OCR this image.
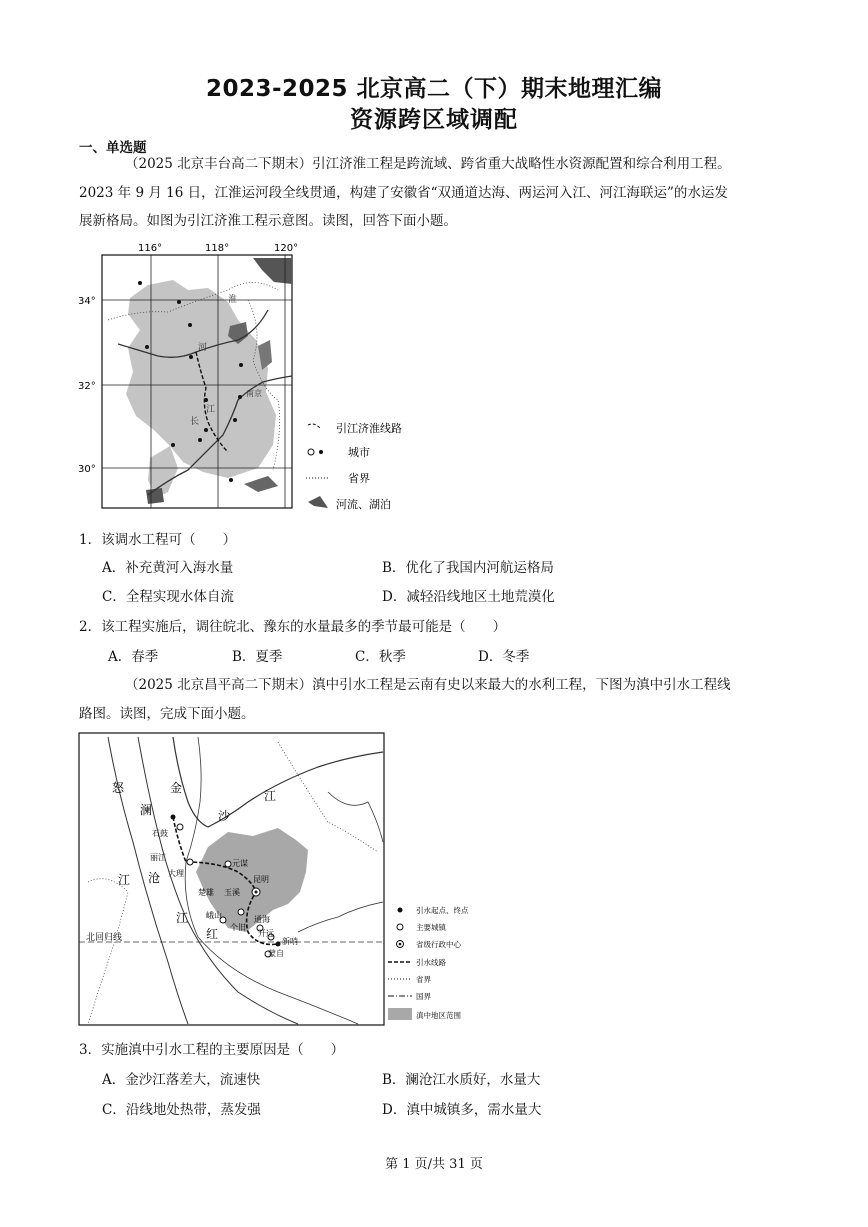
2023-2025 北京高二（下）期末地理汇编
资源跨区域调配
一、单选题
（2025 北京丰台高二下期末）引江济淮工程是跨流域、跨省重大战略性水资源配置和综合利用工程。
2023 年 9 月 16 日，江淮运河段全线贯通，构建了安徽省“双通道达海、两运河入江、河江海联运”的水运发
展新格局。如图为引江济淮工程示意图。读图，回答下面小题。
116°	118°	120°
34°
32°
30°
淮
河
南京
江
长	引江济淮线路
城市
省界
河流、湖泊
1．该调水工程可（　　）
A．补充黄河入海水量	B．优化了我国内河航运格局
C．全程实现水体自流	D．减轻沿线地区土地荒漠化
2．该工程实施后，调往皖北、豫东的水量最多的季节最可能是（　　）
A．春季	B．夏季	C．秋季	D．冬季
（2025 北京昌平高二下期末）滇中引水工程是云南有史以来最大的水利工程，下图为滇中引水工程线
路图。读图，完成下面小题。
金
沙
江
澜
沧
江
怒
江
红
石鼓
丽江
大理
楚雄
昆明
玉溪
蒙自
元谋
峨山	通海
个旧
开远
新哨
北回归线
引水起点、终点
主要城镇
省级行政中心
引水线路
省界
国界
滇中地区范围
3．实施滇中引水工程的主要原因是（　　）
A．金沙江落差大，流速快	B．澜沧江水质好，水量大
C．沿线地处热带，蒸发强	D．滇中城镇多，需水量大
第 1 页/共 31 页
